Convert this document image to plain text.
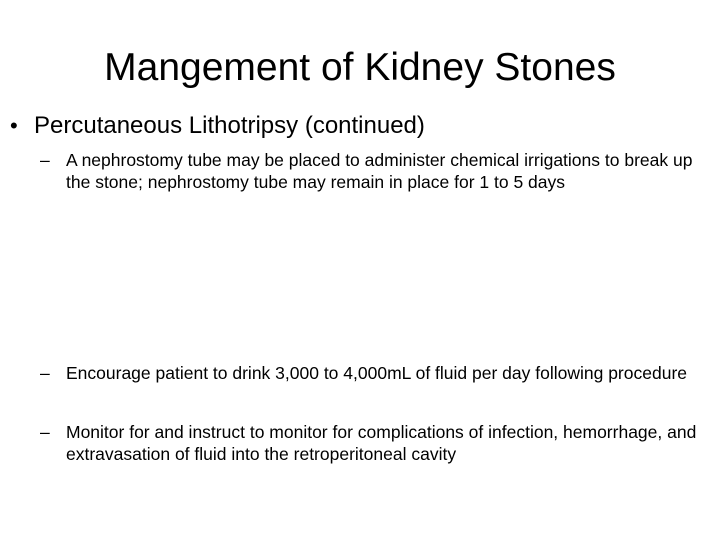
Mangement of Kidney Stones
• Percutaneous Lithotripsy (continued)
– A nephrostomy tube may be placed to administer chemical irrigations to break up the stone; nephrostomy tube may remain in place for 1 to 5 days
– Encourage patient to drink 3,000 to 4,000mL of fluid per day following procedure
– Monitor for and instruct to monitor for complications of infection, hemorrhage, and extravasation of fluid into the retroperitoneal cavity
